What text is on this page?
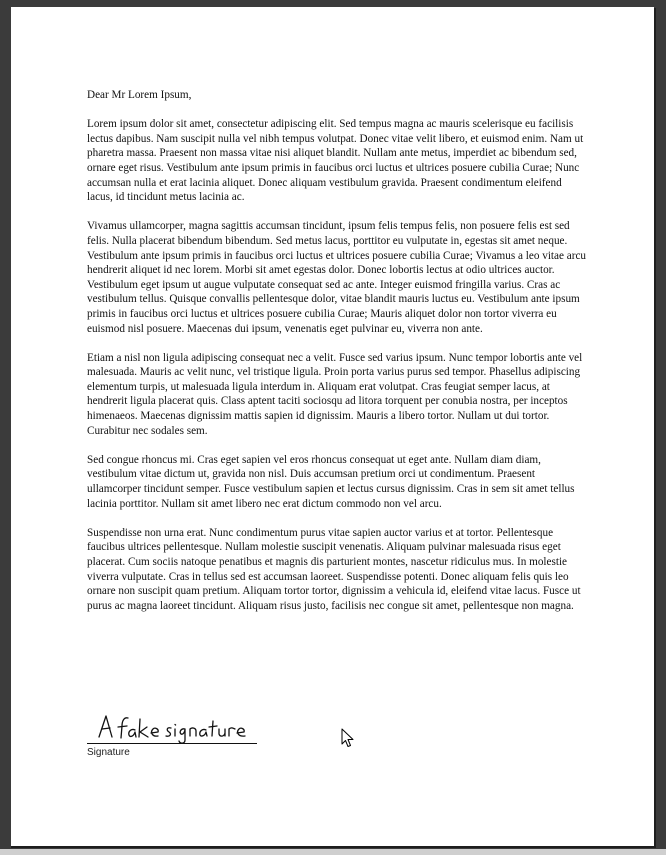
Dear Mr Lorem Ipsum,

Lorem ipsum dolor sit amet, consectetur adipiscing elit. Sed tempus magna ac mauris scelerisque eu facilisis lectus dapibus. Nam suscipit nulla vel nibh tempus volutpat. Donec vitae velit libero, et euismod enim. Nam ut pharetra massa. Praesent non massa vitae nisi aliquet blandit. Nullam ante metus, imperdiet ac bibendum sed, ornare eget risus. Vestibulum ante ipsum primis in faucibus orci luctus et ultrices posuere cubilia Curae; Nunc accumsan nulla et erat lacinia aliquet. Donec aliquam vestibulum gravida. Praesent condimentum eleifend lacus, id tincidunt metus lacinia ac.

Vivamus ullamcorper, magna sagittis accumsan tincidunt, ipsum felis tempus felis, non posuere felis est sed felis. Nulla placerat bibendum bibendum. Sed metus lacus, porttitor eu vulputate in, egestas sit amet neque. Vestibulum ante ipsum primis in faucibus orci luctus et ultrices posuere cubilia Curae; Vivamus a leo vitae arcu hendrerit aliquet id nec lorem. Morbi sit amet egestas dolor. Donec lobortis lectus at odio ultrices auctor. Vestibulum eget ipsum ut augue vulputate consequat sed ac ante. Integer euismod fringilla varius. Cras ac vestibulum tellus. Quisque convallis pellentesque dolor, vitae blandit mauris luctus eu. Vestibulum ante ipsum primis in faucibus orci luctus et ultrices posuere cubilia Curae; Mauris aliquet dolor non tortor viverra eu euismod nisl posuere. Maecenas dui ipsum, venenatis eget pulvinar eu, viverra non ante.

Etiam a nisl non ligula adipiscing consequat nec a velit. Fusce sed varius ipsum. Nunc tempor lobortis ante vel malesuada. Mauris ac velit nunc, vel tristique ligula. Proin porta varius purus sed tempor. Phasellus adipiscing elementum turpis, ut malesuada ligula interdum in. Aliquam erat volutpat. Cras feugiat semper lacus, at hendrerit ligula placerat quis. Class aptent taciti sociosqu ad litora torquent per conubia nostra, per inceptos himenaeos. Maecenas dignissim mattis sapien id dignissim. Mauris a libero tortor. Nullam ut dui tortor. Curabitur nec sodales sem.

Sed congue rhoncus mi. Cras eget sapien vel eros rhoncus consequat ut eget ante. Nullam diam diam, vestibulum vitae dictum ut, gravida non nisl. Duis accumsan pretium orci ut condimentum. Praesent ullamcorper tincidunt semper. Fusce vestibulum sapien et lectus cursus dignissim. Cras in sem sit amet tellus lacinia porttitor. Nullam sit amet libero nec erat dictum commodo non vel arcu.

Suspendisse non urna erat. Nunc condimentum purus vitae sapien auctor varius et at tortor. Pellentesque faucibus ultrices pellentesque. Nullam molestie suscipit venenatis. Aliquam pulvinar malesuada risus eget placerat. Cum sociis natoque penatibus et magnis dis parturient montes, nascetur ridiculus mus. In molestie viverra vulputate. Cras in tellus sed est accumsan laoreet. Suspendisse potenti. Donec aliquam felis quis leo ornare non suscipit quam pretium. Aliquam tortor tortor, dignissim a vehicula id, eleifend vitae lacus. Fusce ut purus ac magna laoreet tincidunt. Aliquam risus justo, facilisis nec congue sit amet, pellentesque non magna.

Signature
